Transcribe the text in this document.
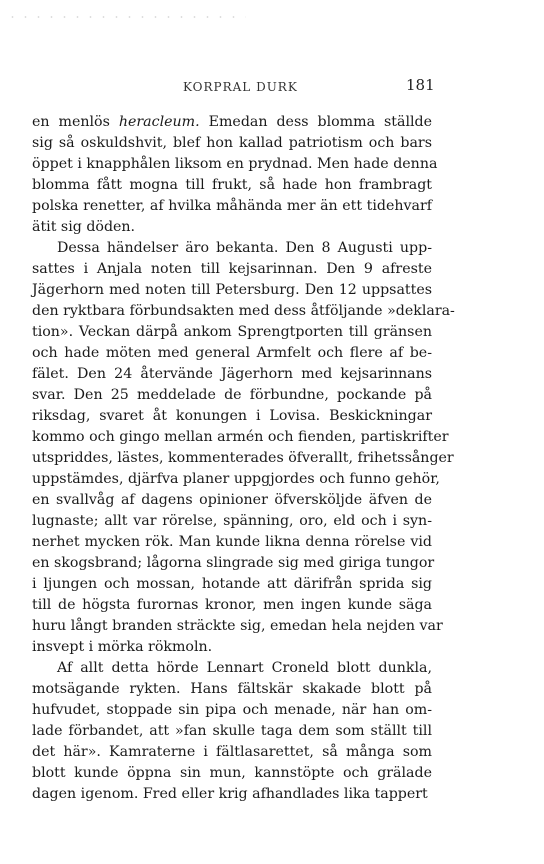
KORPRAL DURK	181
en menlös heracleum. Emedan dess blomma ställde
sig så oskuldshvit, blef hon kallad patriotism och bars
öppet i knapphålen liksom en prydnad. Men hade denna
blomma fått mogna till frukt, så hade hon frambragt
polska renetter, af hvilka måhända mer än ett tidehvarf
ätit sig döden.
Dessa händelser äro bekanta. Den 8 Augusti upp-
sattes i Anjala noten till kejsarinnan. Den 9 afreste
Jägerhorn med noten till Petersburg. Den 12 uppsattes
den ryktbara förbundsakten med dess åtföljande »deklara-
tion». Veckan därpå ankom Sprengtporten till gränsen
och hade möten med general Armfelt och flere af be-
fälet. Den 24 återvände Jägerhorn med kejsarinnans
svar. Den 25 meddelade de förbundne, pockande på
riksdag, svaret åt konungen i Lovisa. Beskickningar
kommo och gingo mellan armén och fienden, partiskrifter
utspriddes, lästes, kommenterades öfverallt, frihetssånger
uppstämdes, djärfva planer uppgjordes och funno gehör,
en svallvåg af dagens opinioner öfversköljde äfven de
lugnaste; allt var rörelse, spänning, oro, eld och i syn-
nerhet mycken rök. Man kunde likna denna rörelse vid
en skogsbrand; lågorna slingrade sig med giriga tungor
i ljungen och mossan, hotande att därifrån sprida sig
till de högsta furornas kronor, men ingen kunde säga
huru långt branden sträckte sig, emedan hela nejden var
insvept i mörka rökmoln.
Af allt detta hörde Lennart Croneld blott dunkla,
motsägande rykten. Hans fältskär skakade blott på
hufvudet, stoppade sin pipa och menade, när han om-
lade förbandet, att »fan skulle taga dem som ställt till
det här». Kamraterne i fältlasarettet, så många som
blott kunde öppna sin mun, kannstöpte och grälade
dagen igenom. Fred eller krig afhandlades lika tappert
